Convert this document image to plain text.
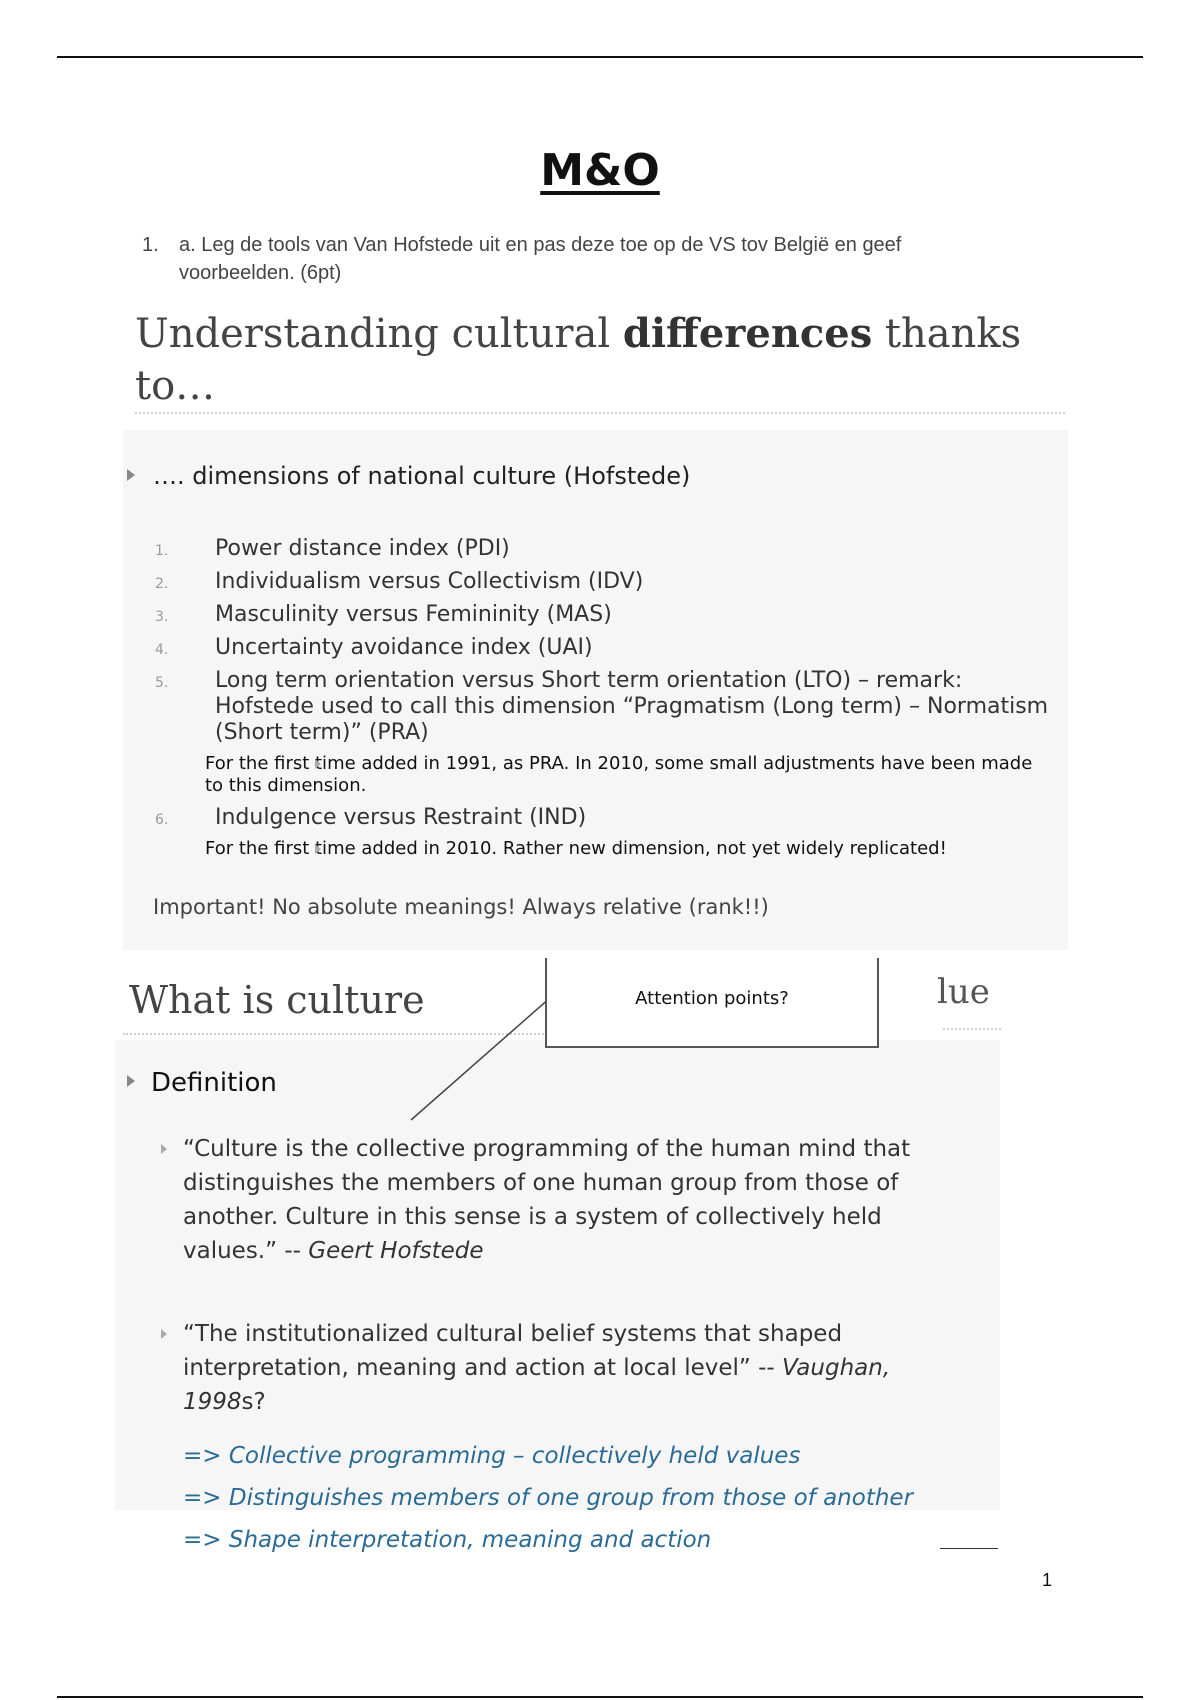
M&O
1. a. Leg de tools van Van Hofstede uit en pas deze toe op de VS tov België en geef voorbeelden. (6pt)
Understanding cultural differences thanks to…
…. dimensions of national culture (Hofstede)
1. Power distance index (PDI)
2. Individualism versus Collectivism (IDV)
3. Masculinity versus Femininity (MAS)
4. Uncertainty avoidance index (UAI)
5. Long term orientation versus Short term orientation (LTO) – remark: Hofstede used to call this dimension “Pragmatism (Long term) – Normatism (Short term)” (PRA)
For the first time added in 1991, as PRA. In 2010, some small adjustments have been made to this dimension.
6. Indulgence versus Restraint (IND)
For the first time added in 2010. Rather new dimension, not yet widely replicated!
Important! No absolute meanings! Always relative (rank!!)
What is culture	lue
Attention points?
Definition
“Culture is the collective programming of the human mind that distinguishes the members of one human group from those of another. Culture in this sense is a system of collectively held values.” -- Geert Hofstede
“The institutionalized cultural belief systems that shaped interpretation, meaning and action at local level” -- Vaughan, 1998s?
=> Collective programming – collectively held values
=> Distinguishes members of one group from those of another
=> Shape interpretation, meaning and action
1
